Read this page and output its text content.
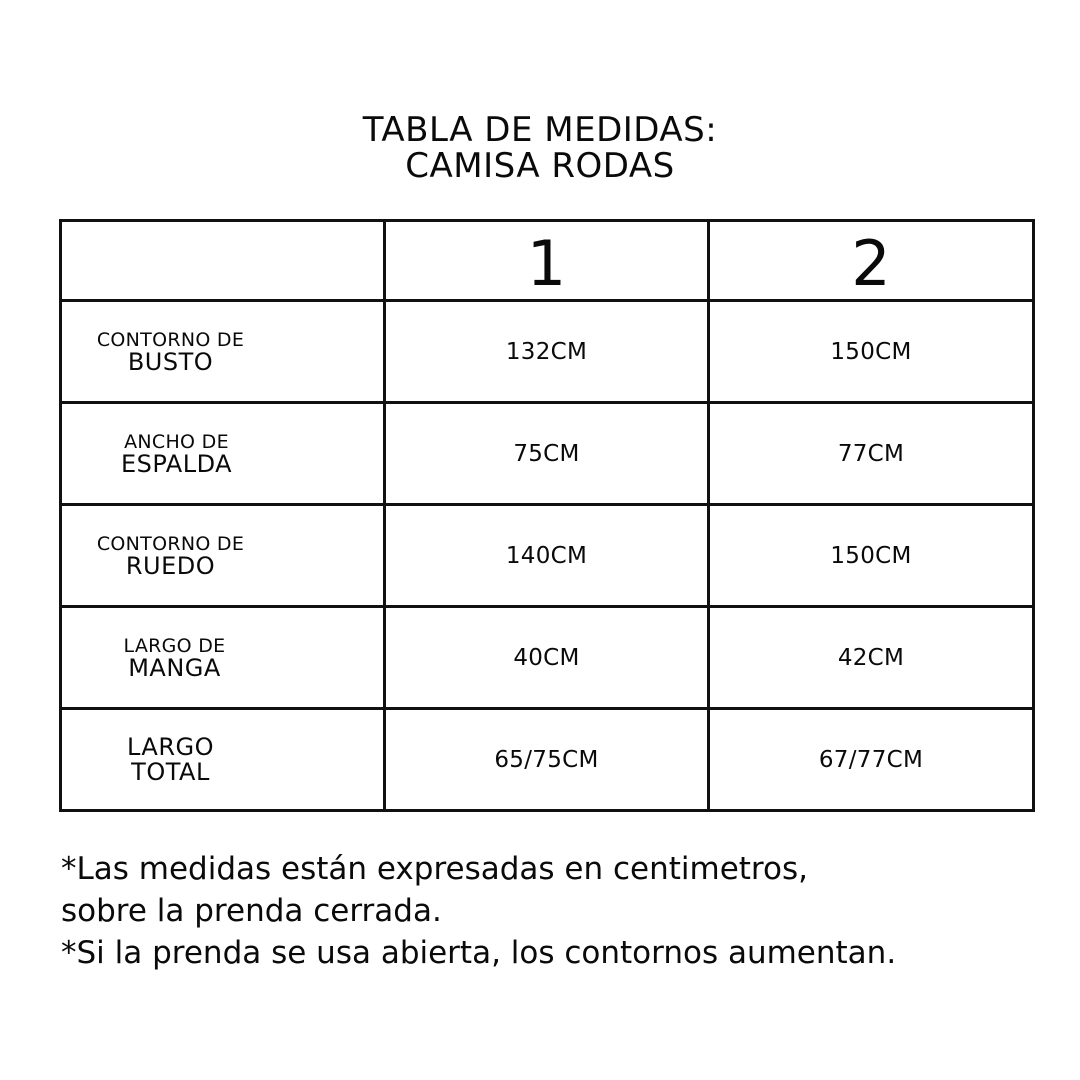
TABLA DE MEDIDAS:
CAMISA RODAS
	1	2

CONTORNO DE
BUSTO	132CM	150CM

ANCHO DE
ESPALDA	75CM	77CM

CONTORNO DE
RUEDO	140CM	150CM

LARGO DE
MANGA	40CM	42CM

LARGO
TOTAL	65/75CM	67/77CM
*Las medidas están expresadas en centimetros,
sobre la prenda cerrada.
*Si la prenda se usa abierta, los contornos aumentan.
